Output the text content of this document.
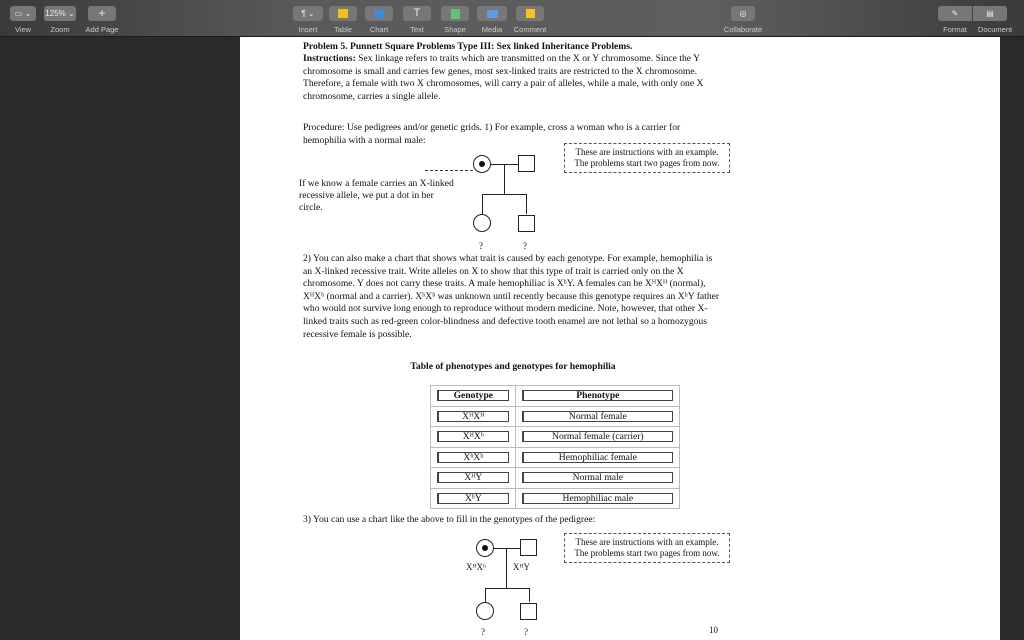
▭ ⌄
View
125% ⌄
Zoom
+
Add Page
¶ ⌄
Insert	Table	Chart
T
Text	Shape	Media	Comment
◎
Collaborate
✎
Format
▤
Document
Problem 5. Punnett Square Problems Type III: Sex linked Inheritance Problems.
Instructions: Sex linkage refers to traits which are transmitted on the X or Y chromosome. Since the Y chromosome is small and carries few genes, most sex-linked traits are restricted to the X chromosome. Therefore, a female with two X chromosomes, will carry a pair of alleles, while a male, with only one X chromosome, carries a single allele.
Procedure: Use pedigrees and/or genetic grids. 1) For example, cross a woman who is a carrier for hemophilia with a normal male:
These are instructions with an example. The problems start two pages from now.
If we know a female carries an X-linked recessive allele, we put a dot in her circle.
?	?
2) You can also make a chart that shows what trait is caused by each genotype. For example, hemophilia is an X-linked recessive trait. Write alleles on X to show that this type of trait is carried only on the X chromosome. Y does not carry these traits. A male hemophiliac is XʰY. A females can be XᴴXᴴ (normal), XᴴXʰ (normal and a carrier). XʰXʰ was unknown until recently because this genotype requires an XʰY father who would not survive long enough to reproduce without modern medicine. Note, however, that other X-linked traits such as red-green color-blindness and defective tooth enamel are not lethal so a homozygous recessive female is possible.
Table of phenotypes and genotypes for hemophilia
Genotype	Phenotype

XᴴXᴴ	Normal female

XᴴXʰ	Normal female (carrier)

XʰXʰ	Hemophiliac female

XᴴY	Normal male

XʰY	Hemophiliac male
3) You can use a chart like the above to fill in the genotypes of the pedigree:
These are instructions with an example. The problems start two pages from now.
XᴴXʰ	XᴴY
?	?	10
